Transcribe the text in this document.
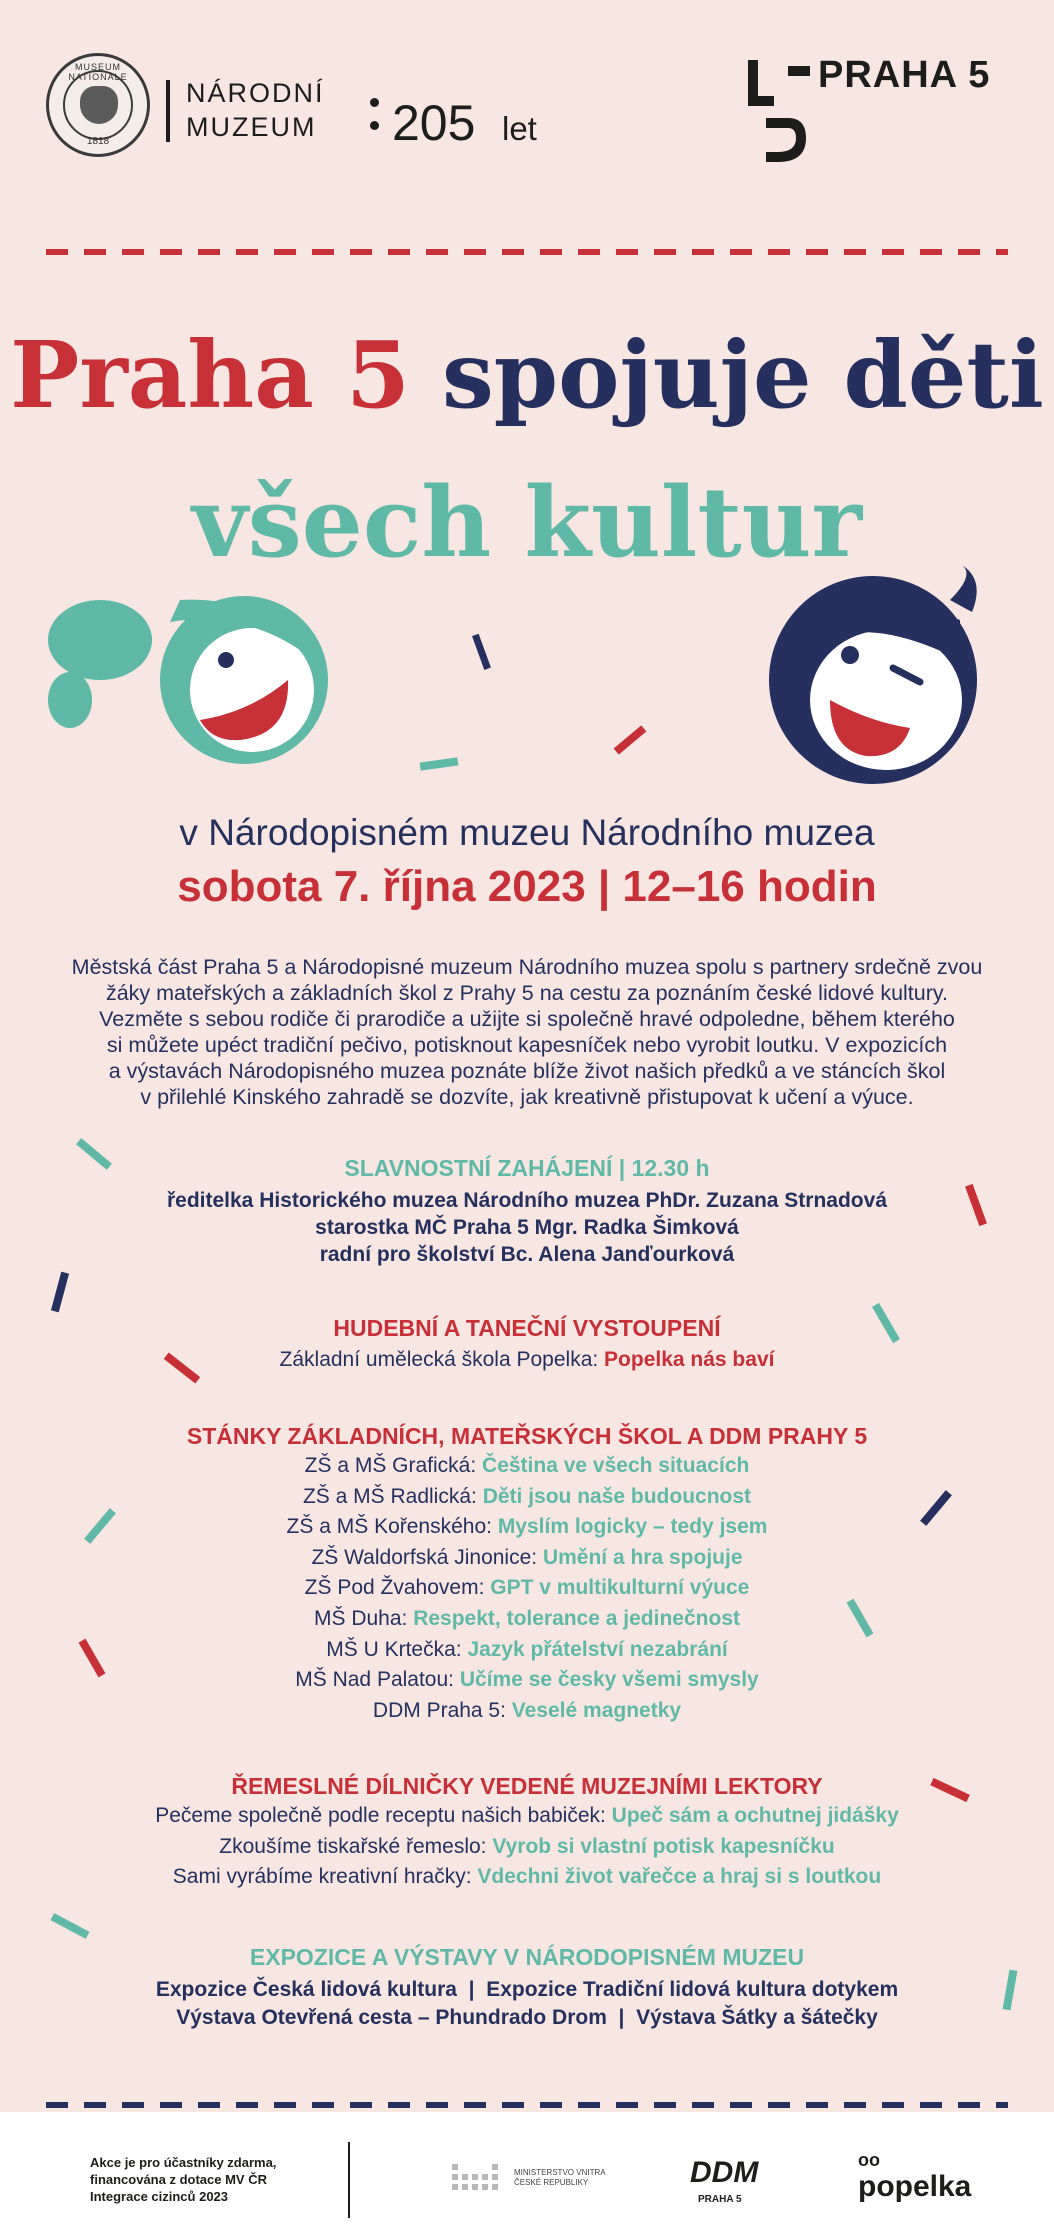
MUSEUM NATIONALE
1818
NÁRODNÍ
MUZEUM 205 let
PRAHA 5
Praha 5 spojuje děti
všech kultur
v Národopisném muzeu Národního muzea
sobota 7. října 2023 | 12–16 hodin
Městská část Praha 5 a Národopisné muzeum Národního muzea spolu s partnery srdečně zvou
žáky mateřských a základních škol z Prahy 5 na cestu za poznáním české lidové kultury.
Vezměte s sebou rodiče či prarodiče a užijte si společně hravé odpoledne, během kterého
si můžete upéct tradiční pečivo, potisknout kapesníček nebo vyrobit loutku. V expozicích
a výstavách Národopisného muzea poznáte blíže život našich předků a ve stáncích škol
v přilehlé Kinského zahradě se dozvíte, jak kreativně přistupovat k učení a výuce.
SLAVNOSTNÍ ZAHÁJENÍ | 12.30 h
ředitelka Historického muzea Národního muzea PhDr. Zuzana Strnadová
starostka MČ Praha 5 Mgr. Radka Šimková
radní pro školství Bc. Alena Janďourková
HUDEBNÍ A TANEČNÍ VYSTOUPENÍ
Základní umělecká škola Popelka: Popelka nás baví
STÁNKY ZÁKLADNÍCH, MATEŘSKÝCH ŠKOL A DDM PRAHY 5
ZŠ a MŠ Grafická: Čeština ve všech situacích
ZŠ a MŠ Radlická: Děti jsou naše budoucnost
ZŠ a MŠ Kořenského: Myslím logicky – tedy jsem
ZŠ Waldorfská Jinonice: Umění a hra spojuje
ZŠ Pod Žvahovem: GPT v multikulturní výuce
MŠ Duha: Respekt, tolerance a jedinečnost
MŠ U Krtečka: Jazyk přátelství nezabrání
MŠ Nad Palatou: Učíme se česky všemi smysly
DDM Praha 5: Veselé magnetky
ŘEMESLNÉ DÍLNIČKY VEDENÉ MUZEJNÍMI LEKTORY
Pečeme společně podle receptu našich babiček: Upeč sám a ochutnej jidášky
Zkoušíme tiskařské řemeslo: Vyrob si vlastní potisk kapesníčku
Sami vyrábíme kreativní hračky: Vdechni život vařečce a hraj si s loutkou
EXPOZICE A VÝSTAVY V NÁRODOPISNÉM MUZEU
Expozice Česká lidová kultura  |  Expozice Tradiční lidová kultura dotykem
Výstava Otevřená cesta – Phundrado Drom  |  Výstava Šátky a šátečky
Akce je pro účastníky zdarma,
financována z dotace MV ČR
Integrace cizinců 2023
MINISTERSTVO VNITRA
ČESKÉ REPUBLIKY	DDM
PRAHA 5
oo
popelka
